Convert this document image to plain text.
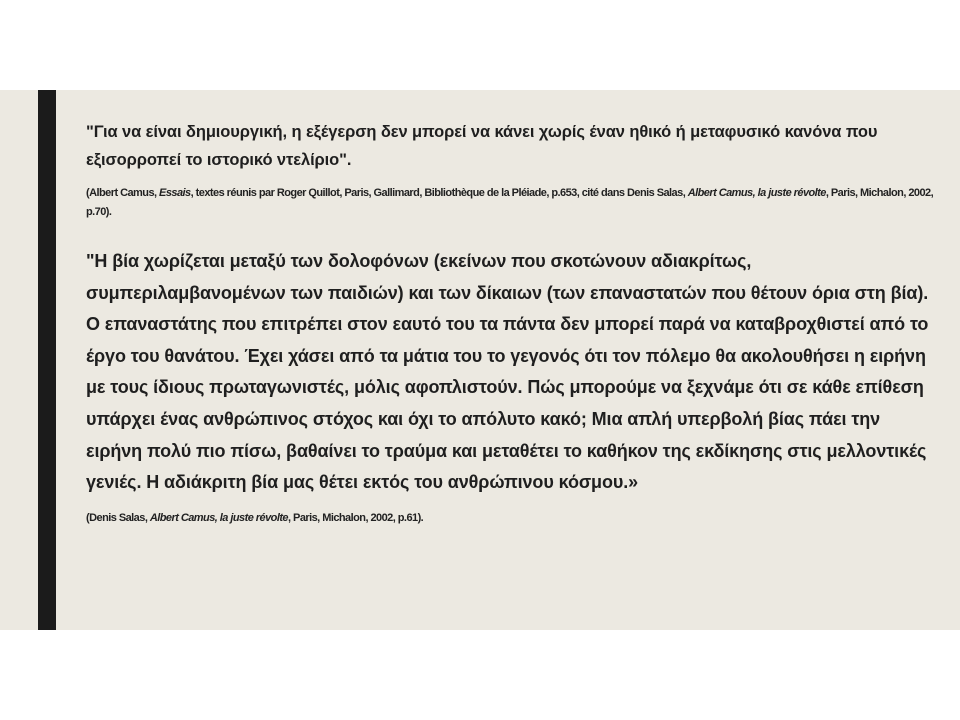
"Για να είναι δημιουργική, η εξέγερση δεν μπορεί να κάνει χωρίς έναν ηθικό ή μεταφυσικό κανόνα που εξισορροπεί το ιστορικό ντελίριο".

(Albert Camus, Essais, textes réunis par Roger Quillot, Paris, Gallimard, Bibliothèque de la Pléiade, p.653, cité dans Denis Salas, Albert Camus, la juste révolte, Paris, Michalon, 2002, p.70).

"Η βία χωρίζεται μεταξύ των δολοφόνων (εκείνων που σκοτώνουν αδιακρίτως, συμπεριλαμβανομένων των παιδιών) και των δίκαιων (των επαναστατών που θέτουν όρια στη βία). Ο επαναστάτης που επιτρέπει στον εαυτό του τα πάντα δεν μπορεί παρά να καταβροχθιστεί από το έργο του θανάτου. Έχει χάσει από τα μάτια του το γεγονός ότι τον πόλεμο θα ακολουθήσει η ειρήνη με τους ίδιους πρωταγωνιστές, μόλις αφοπλιστούν. Πώς μπορούμε να ξεχνάμε ότι σε κάθε επίθεση υπάρχει ένας ανθρώπινος στόχος και όχι το απόλυτο κακό; Μια απλή υπερβολή βίας πάει την ειρήνη πολύ πιο πίσω, βαθαίνει το τραύμα και μεταθέτει το καθήκον της εκδίκησης στις μελλοντικές γενιές. Η αδιάκριτη βία μας θέτει εκτός του ανθρώπινου κόσμου.»

(Denis Salas, Albert Camus, la juste révolte, Paris, Michalon, 2002, p.61).
